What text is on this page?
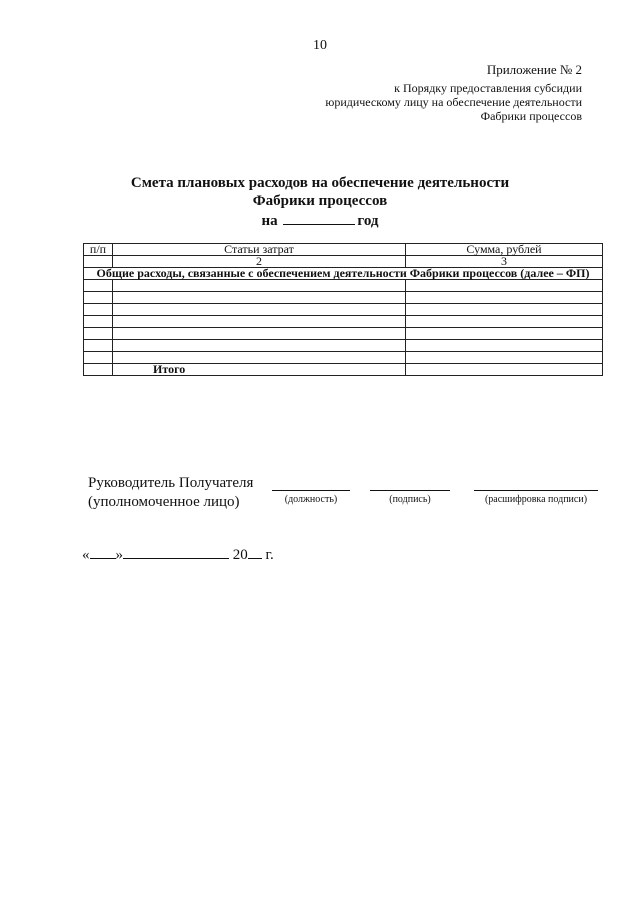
10
Приложение № 2
к Порядку предоставления субсидии юридическому лицу на обеспечение деятельности Фабрики процессов
Смета плановых расходов на обеспечение деятельности
Фабрики процессов
на	год
п/п	Статьи затрат	Сумма, рублей
	2	3
Общие расходы, связанные с обеспечением деятельности Фабрики процессов (далее – ФП)		

	Итого	
Руководитель Получателя
(уполномоченное лицо)	(должность)	(подпись)	(расшифровка подписи)
« »	20 г.
